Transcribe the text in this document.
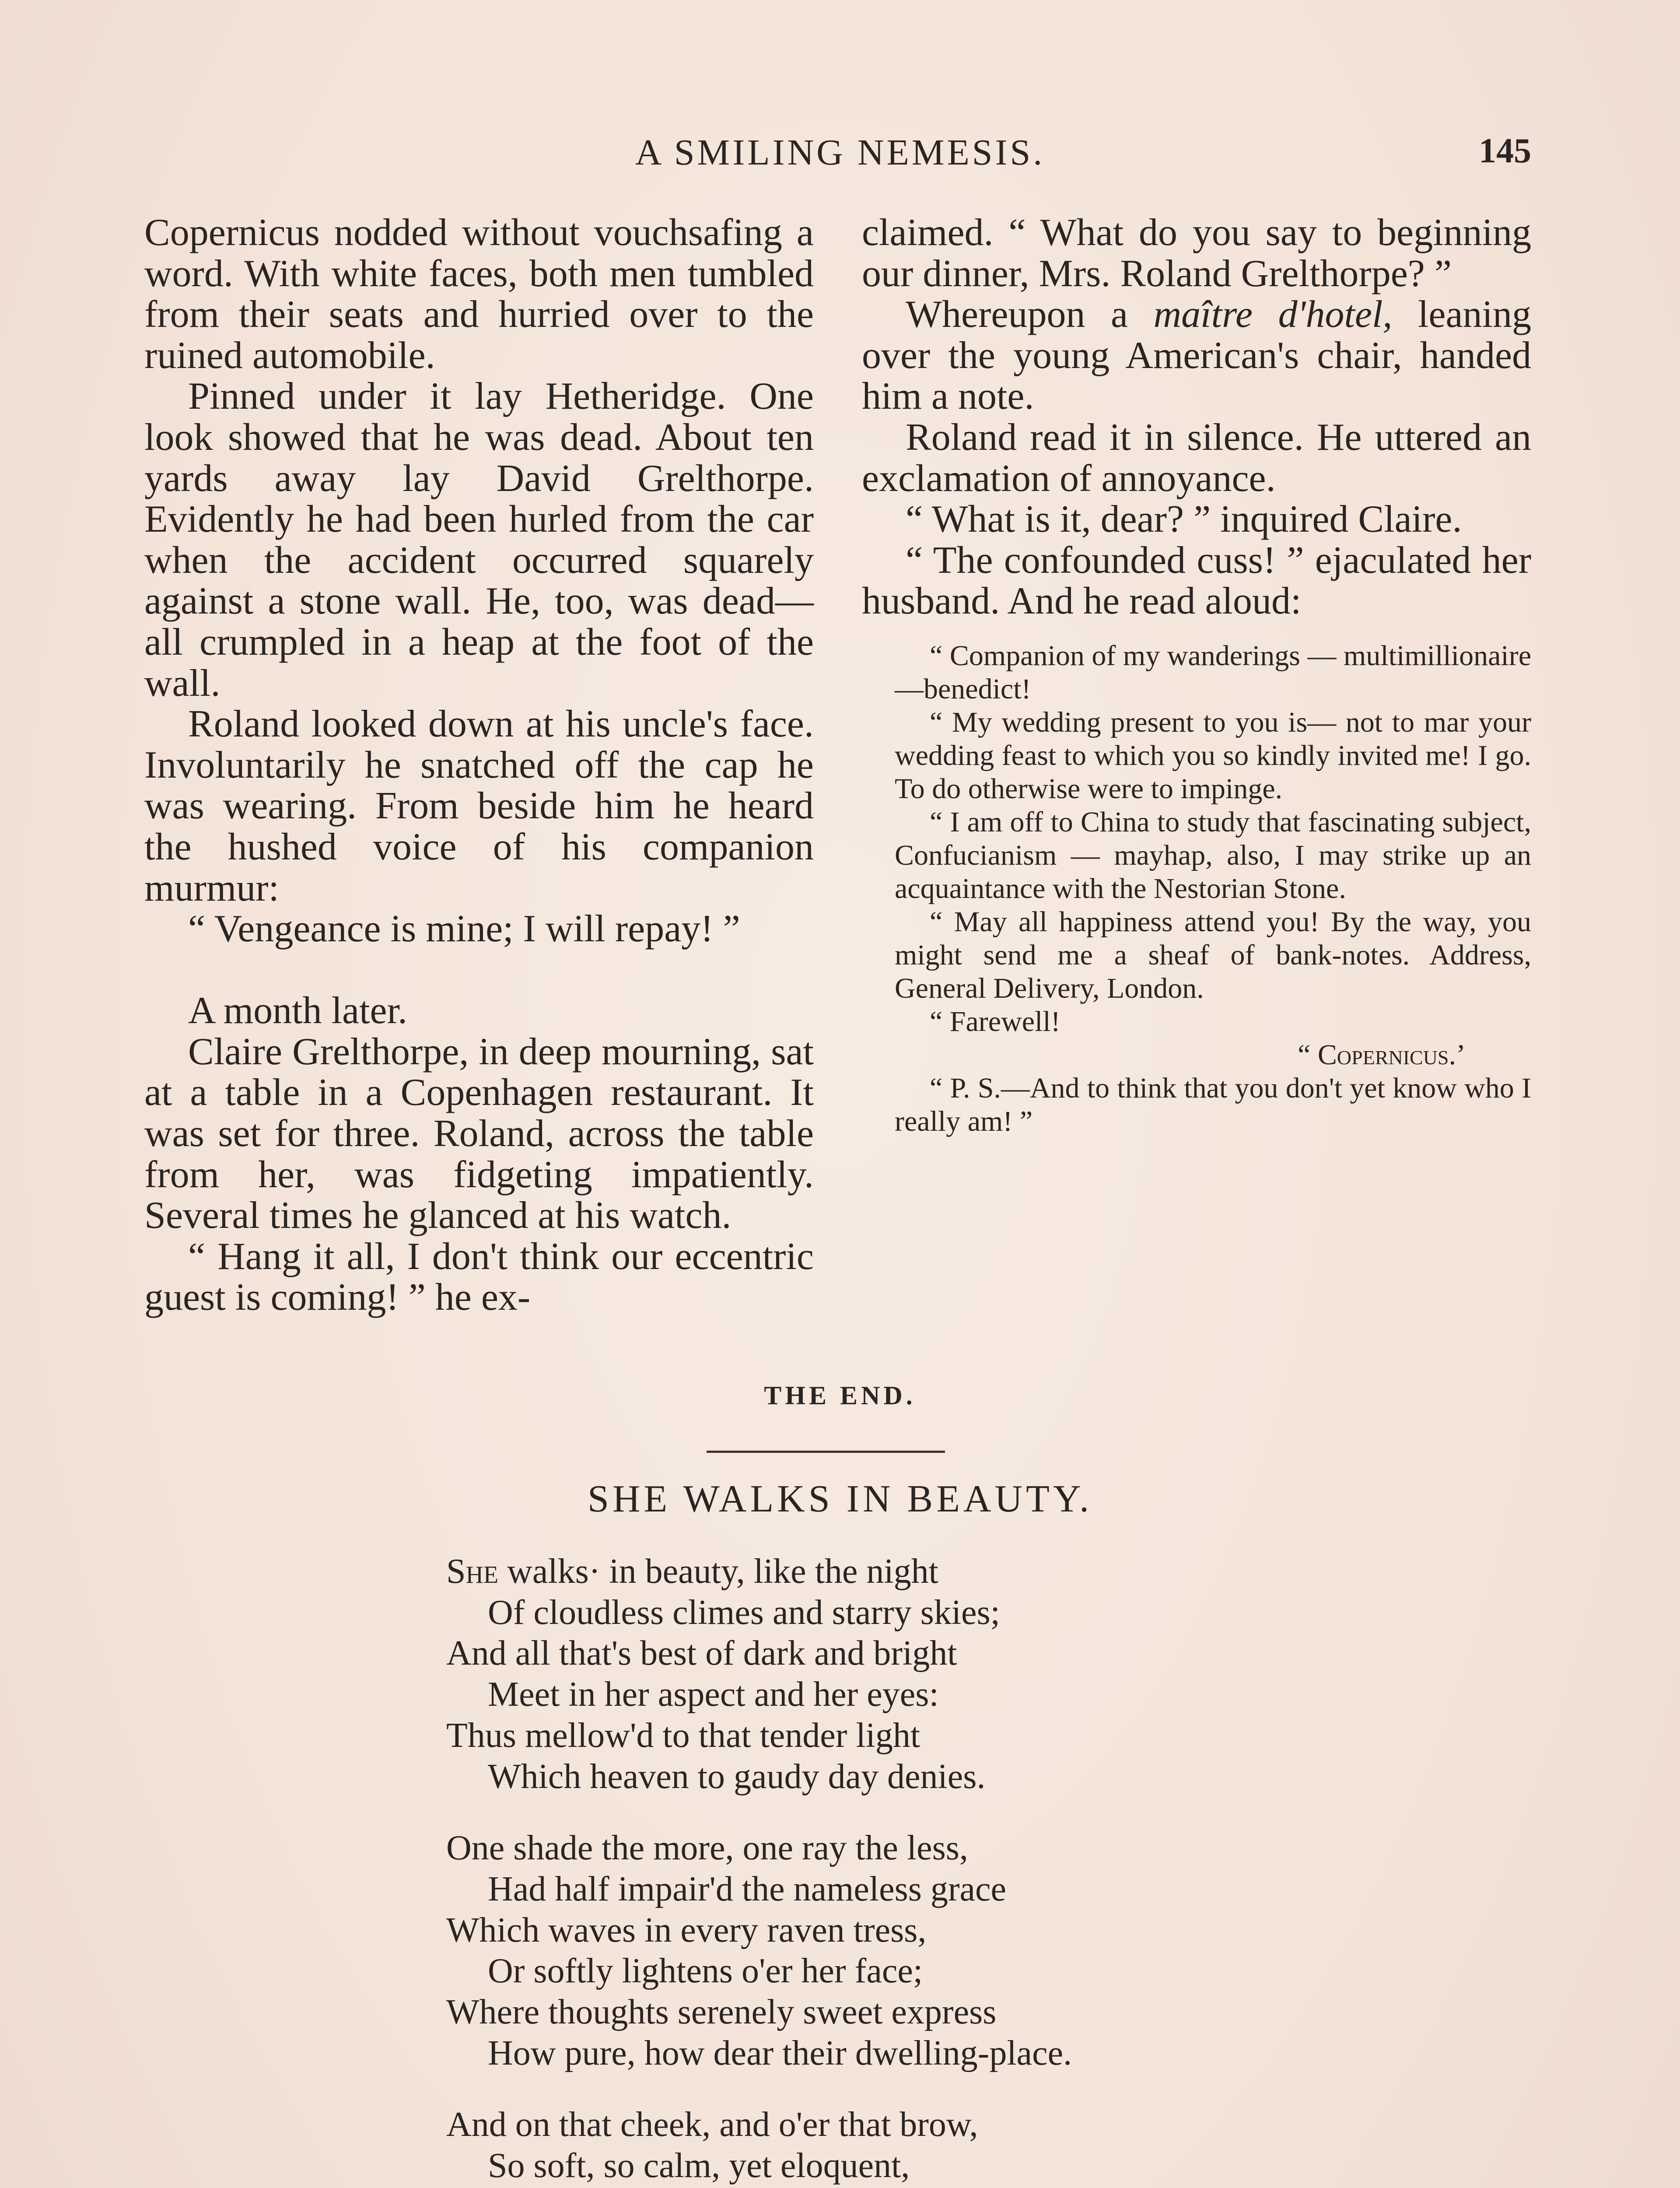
A SMILING NEMESIS.	145

Copernicus nodded without vouchsafing a word. With white faces, both men tumbled from their seats and hurried over to the ruined automobile.

Pinned under it lay Hetheridge. One look showed that he was dead. About ten yards away lay David Grelthorpe. Evidently he had been hurled from the car when the accident occurred squarely against a stone wall. He, too, was dead—all crumpled in a heap at the foot of the wall.

Roland looked down at his uncle's face. Involuntarily he snatched off the cap he was wearing. From beside him he heard the hushed voice of his companion murmur:

“ Vengeance is mine; I will repay! ”

A month later.

Claire Grelthorpe, in deep mourning, sat at a table in a Copenhagen restaurant. It was set for three. Roland, across the table from her, was fidgeting impatiently. Several times he glanced at his watch.

“ Hang it all, I don't think our eccentric guest is coming! ” he ex-

claimed. “ What do you say to beginning our dinner, Mrs. Roland Grelthorpe? ”

Whereupon a maître d'hotel, leaning over the young American's chair, handed him a note.

Roland read it in silence. He uttered an exclamation of annoyance.

“ What is it, dear? ” inquired Claire.

“ The confounded cuss! ” ejaculated her husband. And he read aloud:

“ Companion of my wanderings — multimillionaire—benedict!

“ My wedding present to you is— not to mar your wedding feast to which you so kindly invited me! I go. To do otherwise were to impinge.

“ I am off to China to study that fascinating subject, Confucianism — mayhap, also, I may strike up an acquaintance with the Nestorian Stone.

“ May all happiness attend you! By the way, you might send me a sheaf of bank-notes. Address, General Delivery, London.

“ Farewell!

“ Copernicus.’

“ P. S.—And to think that you don't yet know who I really am! ”

THE END.
SHE WALKS IN BEAUTY.
She walks· in beauty, like the night
Of cloudless climes and starry skies;
And all that's best of dark and bright
Meet in her aspect and her eyes:
Thus mellow'd to that tender light
Which heaven to gaudy day denies.
One shade the more, one ray the less,
Had half impair'd the nameless grace
Which waves in every raven tress,
Or softly lightens o'er her face;
Where thoughts serenely sweet express
How pure, how dear their dwelling-place.
And on that cheek, and o'er that brow,
So soft, so calm, yet eloquent,
